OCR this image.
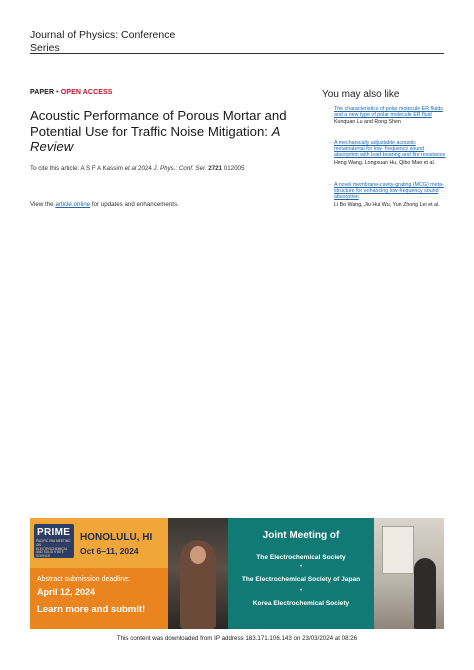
Journal of Physics: Conference
Series
PAPER • OPEN ACCESS
Acoustic Performance of Porous Mortar and Potential Use for Traffic Noise Mitigation: A Review
To cite this article: A S F A Kassim et al 2024 J. Phys.: Conf. Ser. 2721 012005
View the article online for updates and enhancements.
You may also like
- The characteristics of polar molecule ER fluids and a new type of polar molecule ER fluid
Kunquan Lu and Rong Shen
- A mechanically adjustable acoustic metamaterial for low- frequency sound absorption with load-bearing and fire resistance
Heng Wang, Longxuan Hu, Qibo Mao et al.
- A novel membrane-cavity-grating (MCG) meta-structure for enhancing low-frequency sound absorption
Li Bo Wang, Jiu Hui Wu, Yun Zhong Lei et al.
PRIME
PACIFIC RIM MEETING ON ELECTROCHEMICAL AND SOLID STATE SCIENCE
HONOLULU, HI
Oct 6–11, 2024
Abstract submission deadline:
April 12, 2024
Learn more and submit!
Joint Meeting of
The Electrochemical Society
•
The Electrochemical Society of Japan
•
Korea Electrochemical Society
This content was downloaded from IP address 183.171.106.143 on 23/03/2024 at 08:26
